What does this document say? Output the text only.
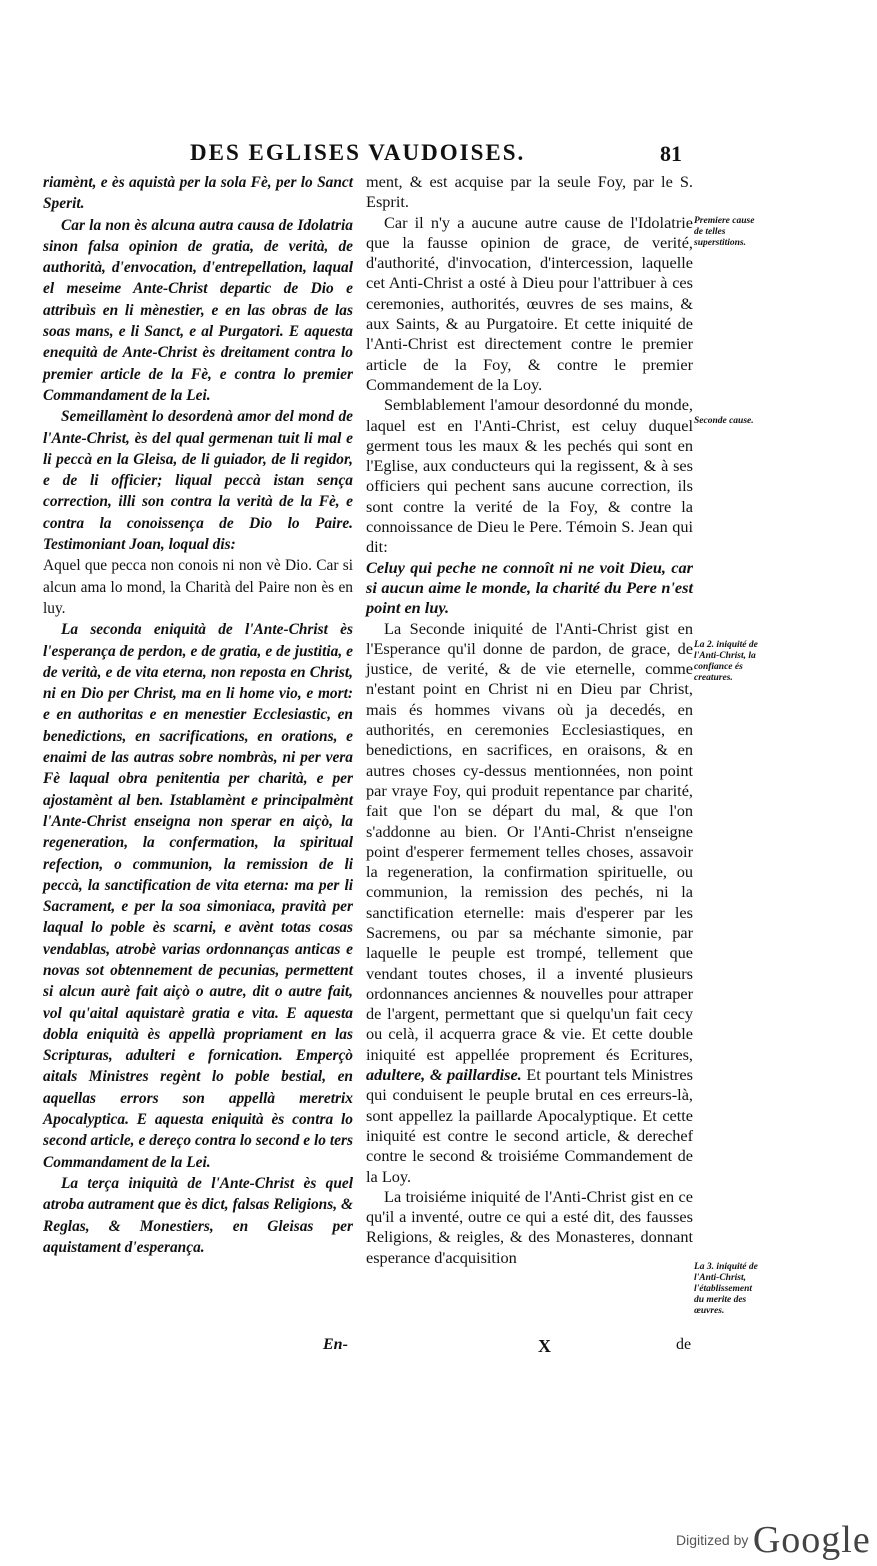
DES EGLISES VAUDOISES.	81

riamènt, e ès aquistà per la sola Fè, per lo Sanct Sperit.

Car la non ès alcuna autra causa de Idolatria sinon falsa opinion de gratia, de verità, de authorità, d'envocation, d'entrepellation, laqual el meseime Ante-Christ departic de Dio e attribuìs en li mènestier, e en las obras de las soas mans, e li Sanct, e al Purgatori. E aquesta enequità de Ante-Christ ès dreitament contra lo premier article de la Fè, e contra lo premier Commandament de la Lei.

Semeillamènt lo desordenà amor del mond de l'Ante-Christ, ès del qual germenan tuit li mal e li peccà en la Gleisa, de li guiador, de li regidor, e de li officier; liqual peccà istan sença correction, illi son contra la verità de la Fè, e contra la conoissença de Dio lo Paire. Testimoniant Joan, loqual dis:

Aquel que pecca non conois ni non vè Dio. Car si alcun ama lo mond, la Charità del Paire non ès en luy.

La seconda eniquità de l'Ante-Christ ès l'esperança de perdon, e de gratia, e de justitia, e de verità, e de vita eterna, non reposta en Christ, ni en Dio per Christ, ma en li home vio, e mort: e en authoritas e en menestier Ecclesiastic, en benedictions, en sacrifications, en orations, e enaimi de las autras sobre nombràs, ni per vera Fè laqual obra penitentia per charità, e per ajostamènt al ben. Istablamènt e principalmènt l'Ante-Christ enseigna non sperar en aiçò, la regeneration, la confermation, la spiritual refection, o communion, la remission de li peccà, la sanctification de vita eterna: ma per li Sacrament, e per la soa simoniaca, pravità per laqual lo poble ès scarni, e avènt totas cosas vendablas, atrobè varias ordonnanças anticas e novas sot obtennement de pecunias, permettent si alcun aurè fait aiçò o autre, dit o autre fait, vol qu'aital aquistarè gratia e vita. E aquesta dobla eniquità ès appellà propriament en las Scripturas, adulteri e fornication. Emperçò aitals Ministres regènt lo poble bestial, en aquellas errors son appellà meretrix Apocalyptica. E aquesta eniquità ès contra lo second article, e dereço contra lo second e lo ters Commandament de la Lei.

La terça iniquità de l'Ante-Christ ès quel atroba autrament que ès dict, falsas Religions, & Reglas, & Monestiers, en Gleisas per aquistament d'esperança.

ment, & est acquise par la seule Foy, par le S. Esprit.

Car il n'y a aucune autre cause de l'Idolatrie que la fausse opinion de grace, de verité, d'authorité, d'invocation, d'intercession, laquelle cet Anti-Christ a osté à Dieu pour l'attribuer à ces ceremonies, authorités, œuvres de ses mains, & aux Saints, & au Purgatoire. Et cette iniquité de l'Anti-Christ est directement contre le premier article de la Foy, & contre le premier Commandement de la Loy.

Semblablement l'amour desordonné du monde, laquel est en l'Anti-Christ, est celuy duquel germent tous les maux & les pechés qui sont en l'Eglise, aux conducteurs qui la regissent, & à ses officiers qui pechent sans aucune correction, ils sont contre la verité de la Foy, & contre la connoissance de Dieu le Pere. Témoin S. Jean qui dit:

Celuy qui peche ne connoît ni ne voit Dieu, car si aucun aime le monde, la charité du Pere n'est point en luy.

La Seconde iniquité de l'Anti-Christ gist en l'Esperance qu'il donne de pardon, de grace, de justice, de verité, & de vie eternelle, comme n'estant point en Christ ni en Dieu par Christ, mais és hommes vivans où ja decedés, en authorités, en ceremonies Ecclesiastiques, en benedictions, en sacrifices, en oraisons, & en autres choses cy-dessus mentionnées, non point par vraye Foy, qui produit repentance par charité, fait que l'on se départ du mal, & que l'on s'addonne au bien. Or l'Anti-Christ n'enseigne point d'esperer fermement telles choses, assavoir la regeneration, la confirmation spirituelle, ou communion, la remission des pechés, ni la sanctification eternelle: mais d'esperer par les Sacremens, ou par sa méchante simonie, par laquelle le peuple est trompé, tellement que vendant toutes choses, il a inventé plusieurs ordonnances anciennes & nouvelles pour attraper de l'argent, permettant que si quelqu'un fait cecy ou celà, il acquerra grace & vie. Et cette double iniquité est appellée proprement és Ecritures, adultere, & paillardise. Et pourtant tels Ministres qui conduisent le peuple brutal en ces erreurs-là, sont appellez la paillarde Apocalyptique. Et cette iniquité est contre le second article, & derechef contre le second & troisiéme Commandement de la Loy.

La troisiéme iniquité de l'Anti-Christ gist en ce qu'il a inventé, outre ce qui a esté dit, des fausses Religions, & reigles, & des Monasteres, donnant esperance d'acquisition

Premiere cause de telles superstitions.
Seconde cause.
La 2. iniquité de l'Anti-Christ, la confiance és creatures.
La 3. iniquité de l'Anti-Christ, l'établissement du merite des œuvres.
En-	X	de
Digitized by Google
